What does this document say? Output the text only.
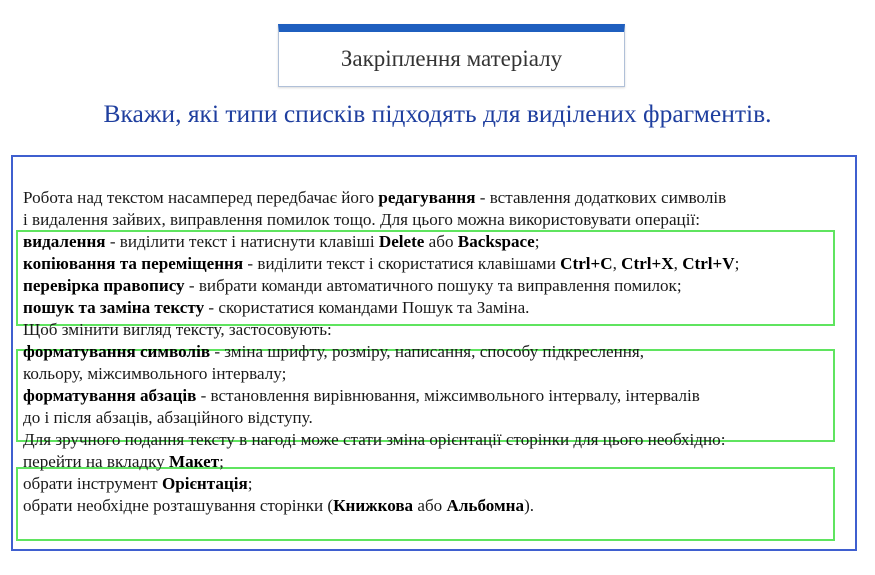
Закріплення матеріалу
Вкажи, які типи списків підходять для виділених фрагментів.
Робота над текстом насамперед передбачає його редагування - вставлення додаткових символів
і видалення зайвих, виправлення помилок тощо. Для цього можна використовувати операції:
видалення - виділити текст і натиснути клавіші Delete або Backspace;
копіювання та переміщення - виділити текст і скористатися клавішами Ctrl+C, Ctrl+X, Ctrl+V;
перевірка правопису - вибрати команди автоматичного пошуку та виправлення помилок;
пошук та заміна тексту - скористатися командами Пошук та Заміна.
Щоб змінити вигляд тексту, застосовують:
форматування символів - зміна шрифту, розміру, написання, способу підкреслення,
кольору, міжсимвольного інтервалу;
форматування абзаців - встановлення вирівнювання, міжсимвольного інтервалу, інтервалів
до і після абзаців, абзаційного відступу.
Для зручного подання тексту в нагоді може стати зміна орієнтації сторінки для цього необхідно:
перейти на вкладку Макет;
обрати інструмент Орієнтація;
обрати необхідне розташування сторінки (Книжкова або Альбомна).
